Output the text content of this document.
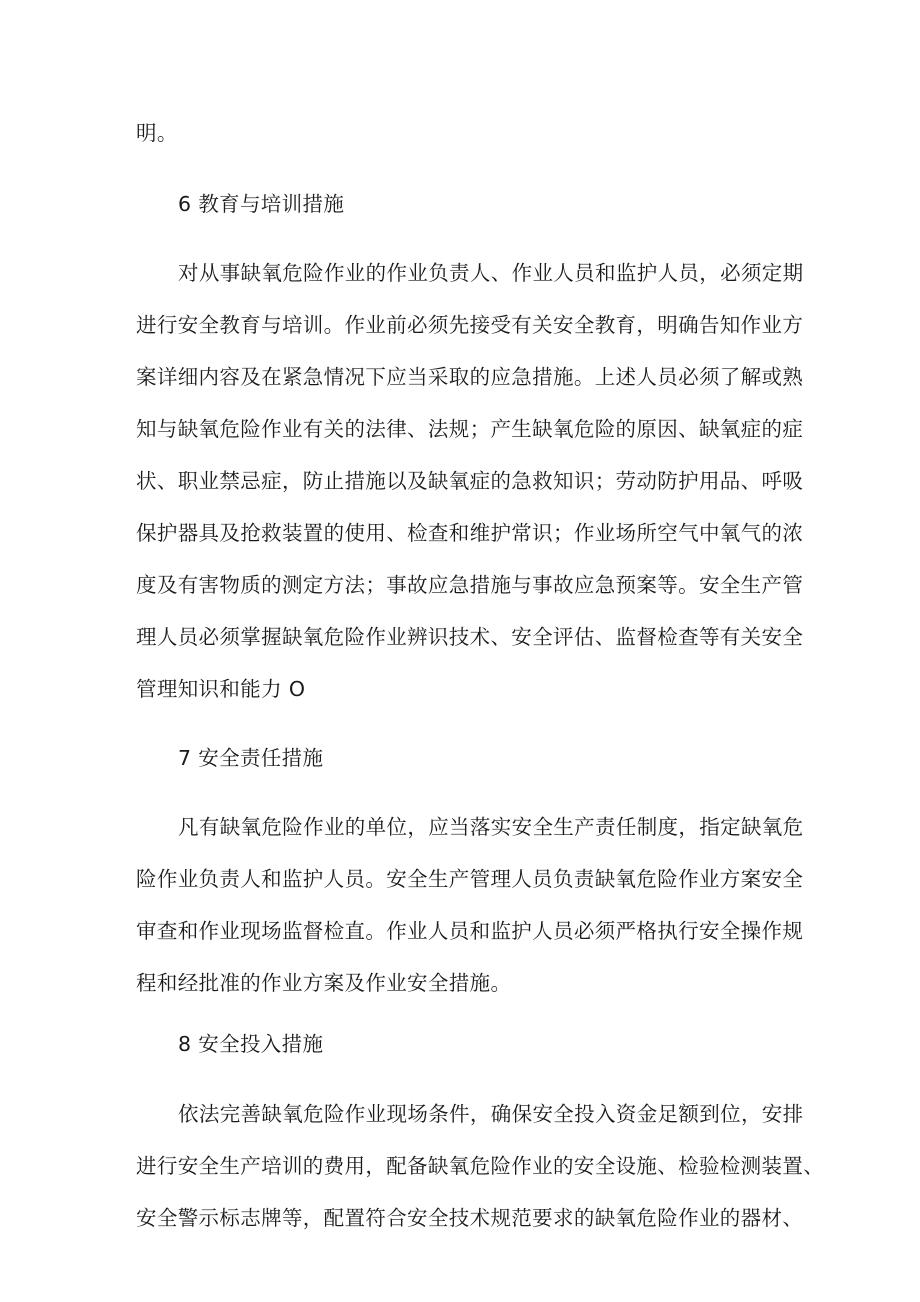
明。
6 教育与培训措施
对从事缺氧危险作业的作业负责人、作业人员和监护人员，必须定期
进行安全教育与培训。作业前必须先接受有关安全教育，明确告知作业方
案详细内容及在紧急情况下应当采取的应急措施。上述人员必须了解或熟
知与缺氧危险作业有关的法律、法规；产生缺氧危险的原因、缺氧症的症
状、职业禁忌症，防止措施以及缺氧症的急救知识；劳动防护用品、呼吸
保护器具及抢救装置的使用、检查和维护常识；作业场所空气中氧气的浓
度及有害物质的测定方法；事故应急措施与事故应急预案等。安全生产管
理人员必须掌握缺氧危险作业辨识技术、安全评估、监督检查等有关安全
管理知识和能力 O
7 安全责任措施
凡有缺氧危险作业的单位，应当落实安全生产责任制度，指定缺氧危
险作业负责人和监护人员。安全生产管理人员负责缺氧危险作业方案安全
审查和作业现场监督检直。作业人员和监护人员必须严格执行安全操作规
程和经批准的作业方案及作业安全措施。
8 安全投入措施
依法完善缺氧危险作业现场条件，确保安全投入资金足额到位，安排
进行安全生产培训的费用，配备缺氧危险作业的安全设施、检验检测装置、
安全警示标志牌等，配置符合安全技术规范要求的缺氧危险作业的器材、
